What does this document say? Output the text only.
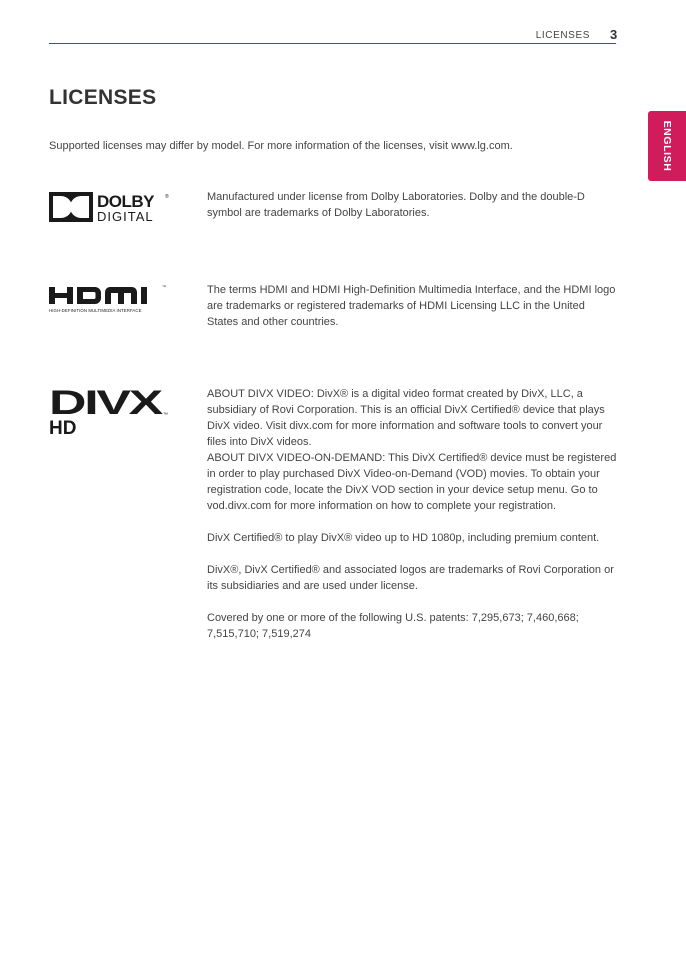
LICENSES 3
ENGLISH
LICENSES
Supported licenses may differ by model. For more information of the licenses, visit www.lg.com.
DOLBY ®
DIGITAL

Manufactured under license from Dolby Laboratories. Dolby and the double-D symbol are trademarks of Dolby Laboratories.

™
HIGH-DEFINITION MULTIMEDIA INTERFACE

The terms HDMI and HDMI High-Definition Multimedia Interface, and the HDMI logo are trademarks or registered trademarks of HDMI Licensing LLC in the United States and other countries.

DIVX ™
HD

ABOUT DIVX VIDEO: DivX® is a digital video format created by DivX, LLC, a subsidiary of Rovi Corporation. This is an official DivX Certified® device that plays DivX video. Visit divx.com for more information and software tools to convert your files into DivX videos.

ABOUT DIVX VIDEO-ON-DEMAND: This DivX Certified® device must be registered in order to play purchased DivX Video-on-Demand (VOD) movies. To obtain your registration code, locate the DivX VOD section in your device setup menu. Go to vod.divx.com for more information on how to complete your registration.

DivX Certified® to play DivX® video up to HD 1080p, including premium content.

DivX®, DivX Certified® and associated logos are trademarks of Rovi Corporation or its subsidiaries and are used under license.

Covered by one or more of the following U.S. patents: 7,295,673; 7,460,668; 7,515,710; 7,519,274
